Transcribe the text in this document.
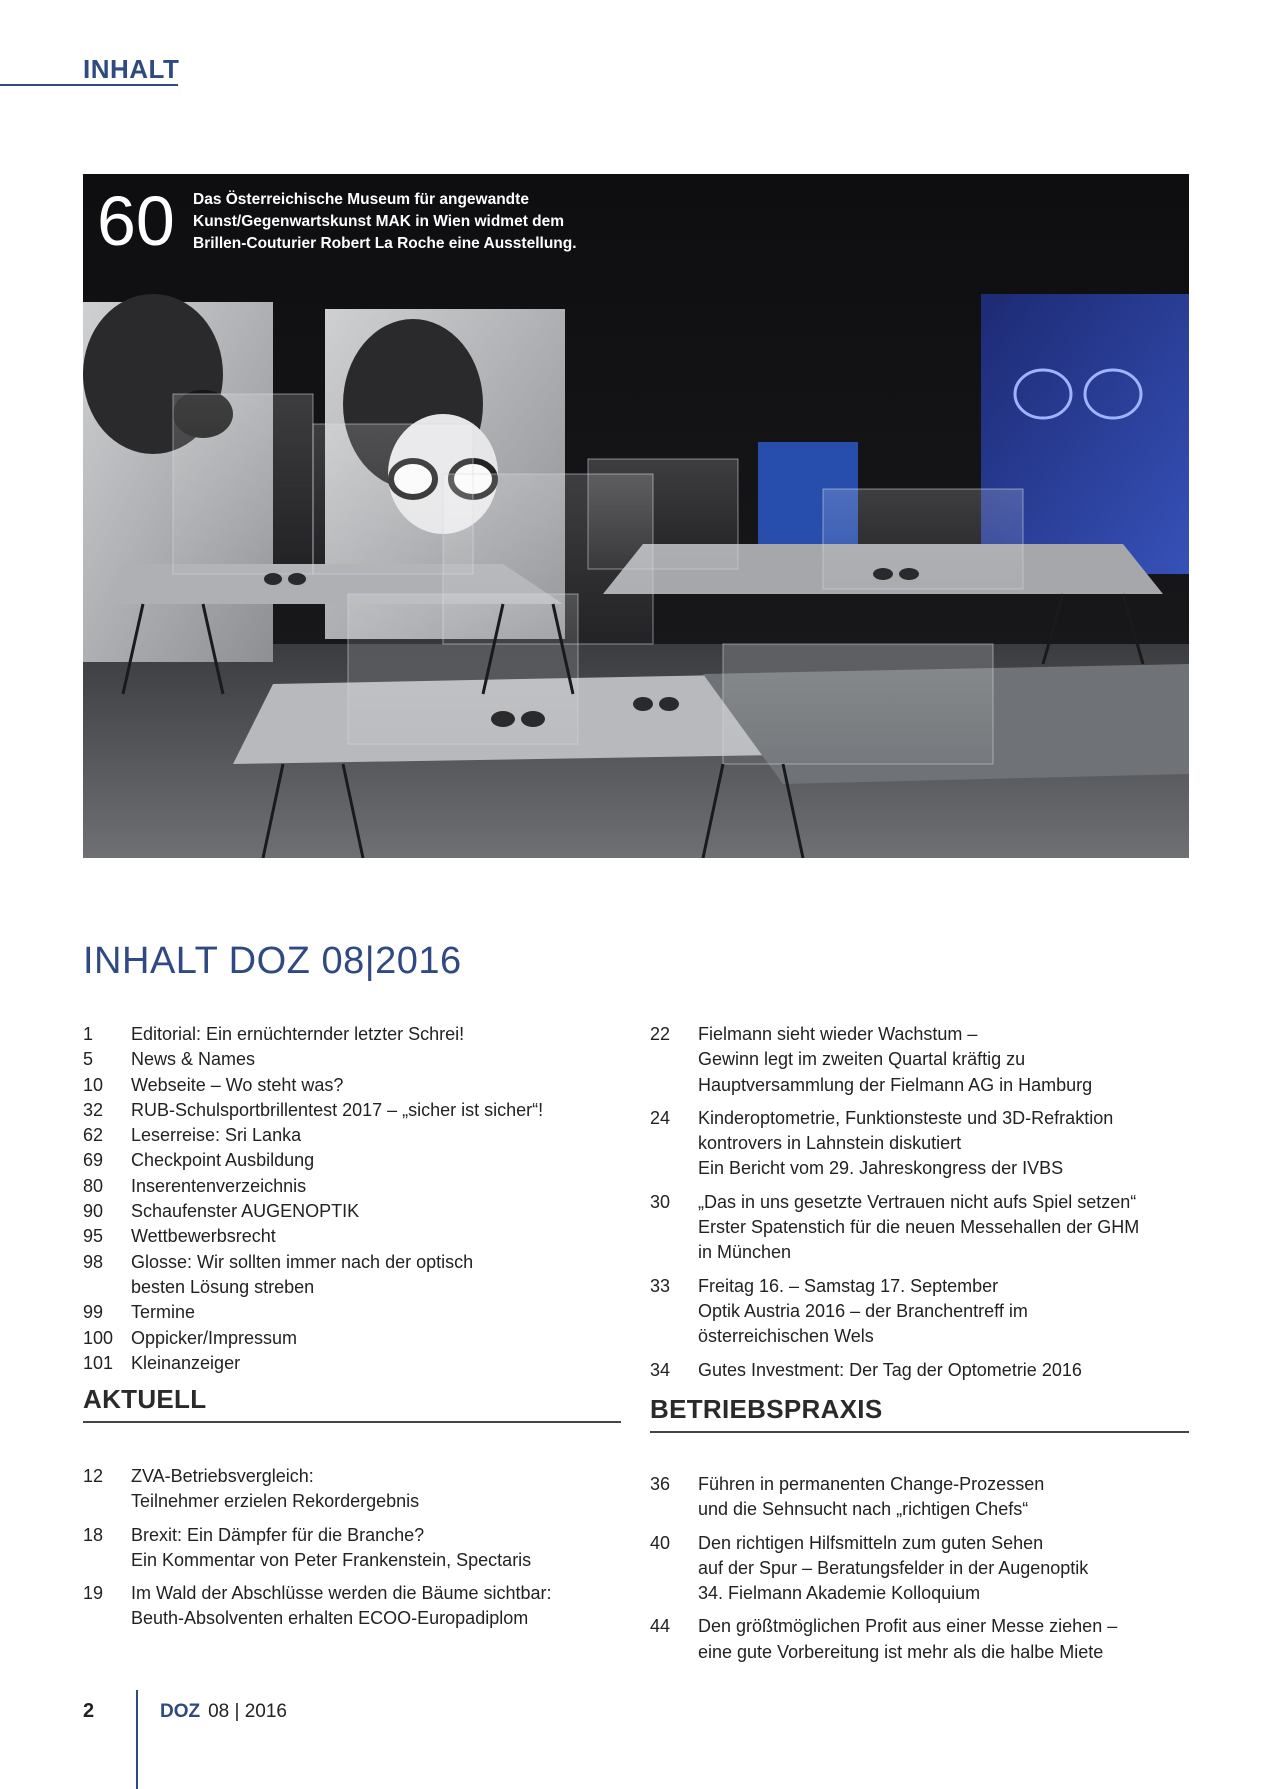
INHALT
60 Das Österreichische Museum für angewandte
Kunst/Gegenwartskunst MAK in Wien widmet dem
Brillen-Couturier Robert La Roche eine Ausstellung.
INHALT DOZ 08|2016
1	Editorial: Ein ernüchternder letzter Schrei!
5	News & Names
10	Webseite – Wo steht was?
32	RUB-Schulsportbrillentest 2017 – „sicher ist sicher“!
62	Leserreise: Sri Lanka
69	Checkpoint Ausbildung
80	Inserentenverzeichnis
90	Schaufenster AUGENOPTIK
95	Wettbewerbsrecht
98	Glosse: Wir sollten immer nach der optisch
besten Lösung streben
99	Termine
100 Oppicker/Impressum
101 Kleinanzeiger
22	Fielmann sieht wieder Wachstum –
Gewinn legt im zweiten Quartal kräftig zu
Hauptversammlung der Fielmann AG in Hamburg
24	Kinderoptometrie, Funktionsteste und 3D-Refraktion
kontrovers in Lahnstein diskutiert
Ein Bericht vom 29. Jahreskongress der IVBS
30	„Das in uns gesetzte Vertrauen nicht aufs Spiel setzen“
Erster Spatenstich für die neuen Messehallen der GHM
in München
33	Freitag 16. – Samstag 17. September
Optik Austria 2016 – der Branchentreff im
österreichischen Wels
34	Gutes Investment: Der Tag der Optometrie 2016
AKTUELL
12	ZVA-Betriebsvergleich:
Teilnehmer erzielen Rekordergebnis
18	Brexit: Ein Dämpfer für die Branche?
Ein Kommentar von Peter Frankenstein, Spectaris
19	Im Wald der Abschlüsse werden die Bäume sichtbar:
Beuth-Absolventen erhalten ECOO-Europadiplom
BETRIEBSPRAXIS
36	Führen in permanenten Change-Prozessen
und die Sehnsucht nach „richtigen Chefs“
40	Den richtigen Hilfsmitteln zum guten Sehen
auf der Spur – Beratungsfelder in der Augenoptik
34. Fielmann Akademie Kolloquium
44	Den größtmöglichen Profit aus einer Messe ziehen –
eine gute Vorbereitung ist mehr als die halbe Miete
2	DOZ 08 | 2016
